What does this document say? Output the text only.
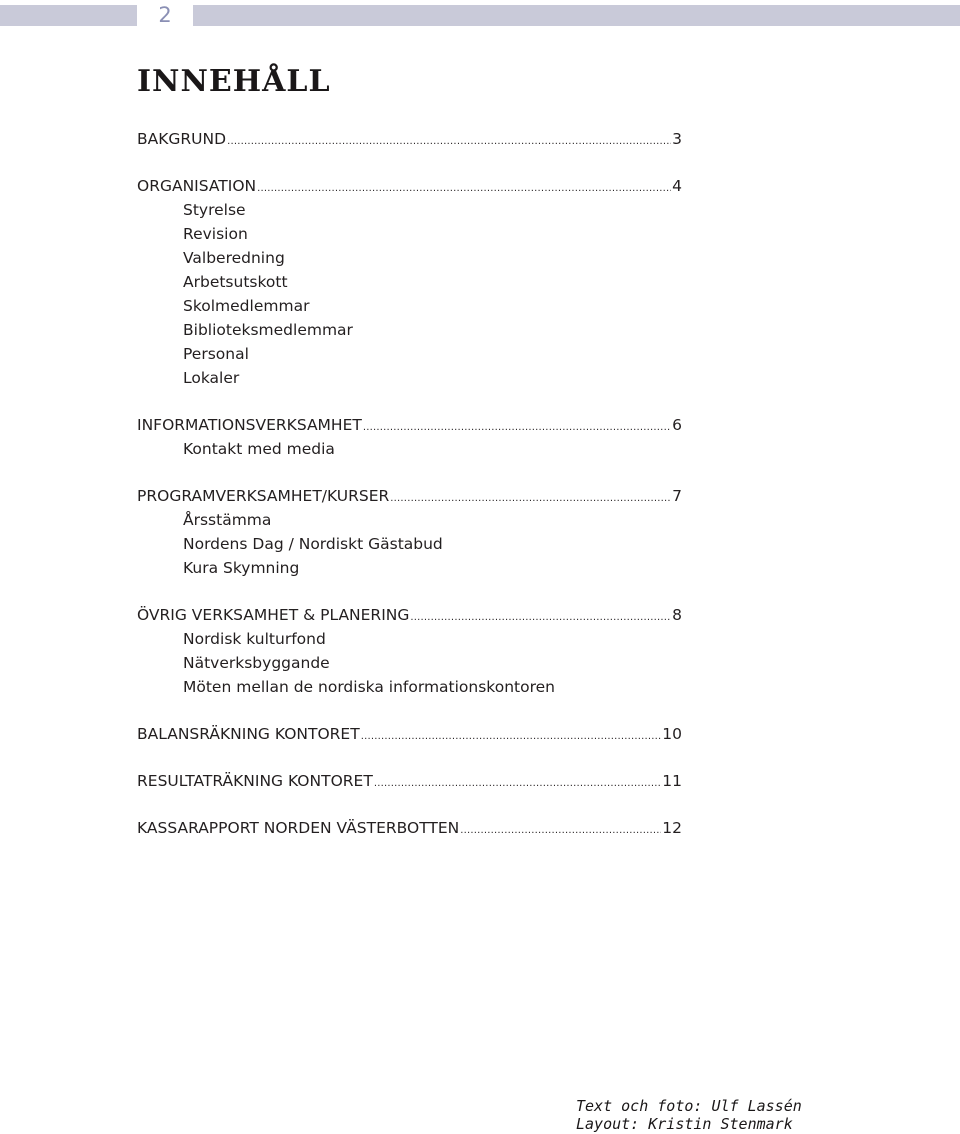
2
INNEHÅLL
BAKGRUND .....	3
ORGANISATION .....	4
Styrelse
Revision
Valberedning
Arbetsutskott
Skolmedlemmar
Biblioteksmedlemmar
Personal
Lokaler
INFORMATIONSVERKSAMHET .....	6
Kontakt med media
PROGRAMVERKSAMHET/KURSER .....	7
Årsstämma
Nordens Dag / Nordiskt Gästabud
Kura Skymning
ÖVRIG VERKSAMHET & PLANERING .....	8
Nordisk kulturfond
Nätverksbyggande
Möten mellan de nordiska informationskontoren
BALANSRÄKNING KONTORET .....	10
RESULTATRÄKNING KONTORET .....	11
KASSARAPPORT NORDEN VÄSTERBOTTEN .....	12
Text och foto: Ulf Lassén
Layout: Kristin Stenmark
